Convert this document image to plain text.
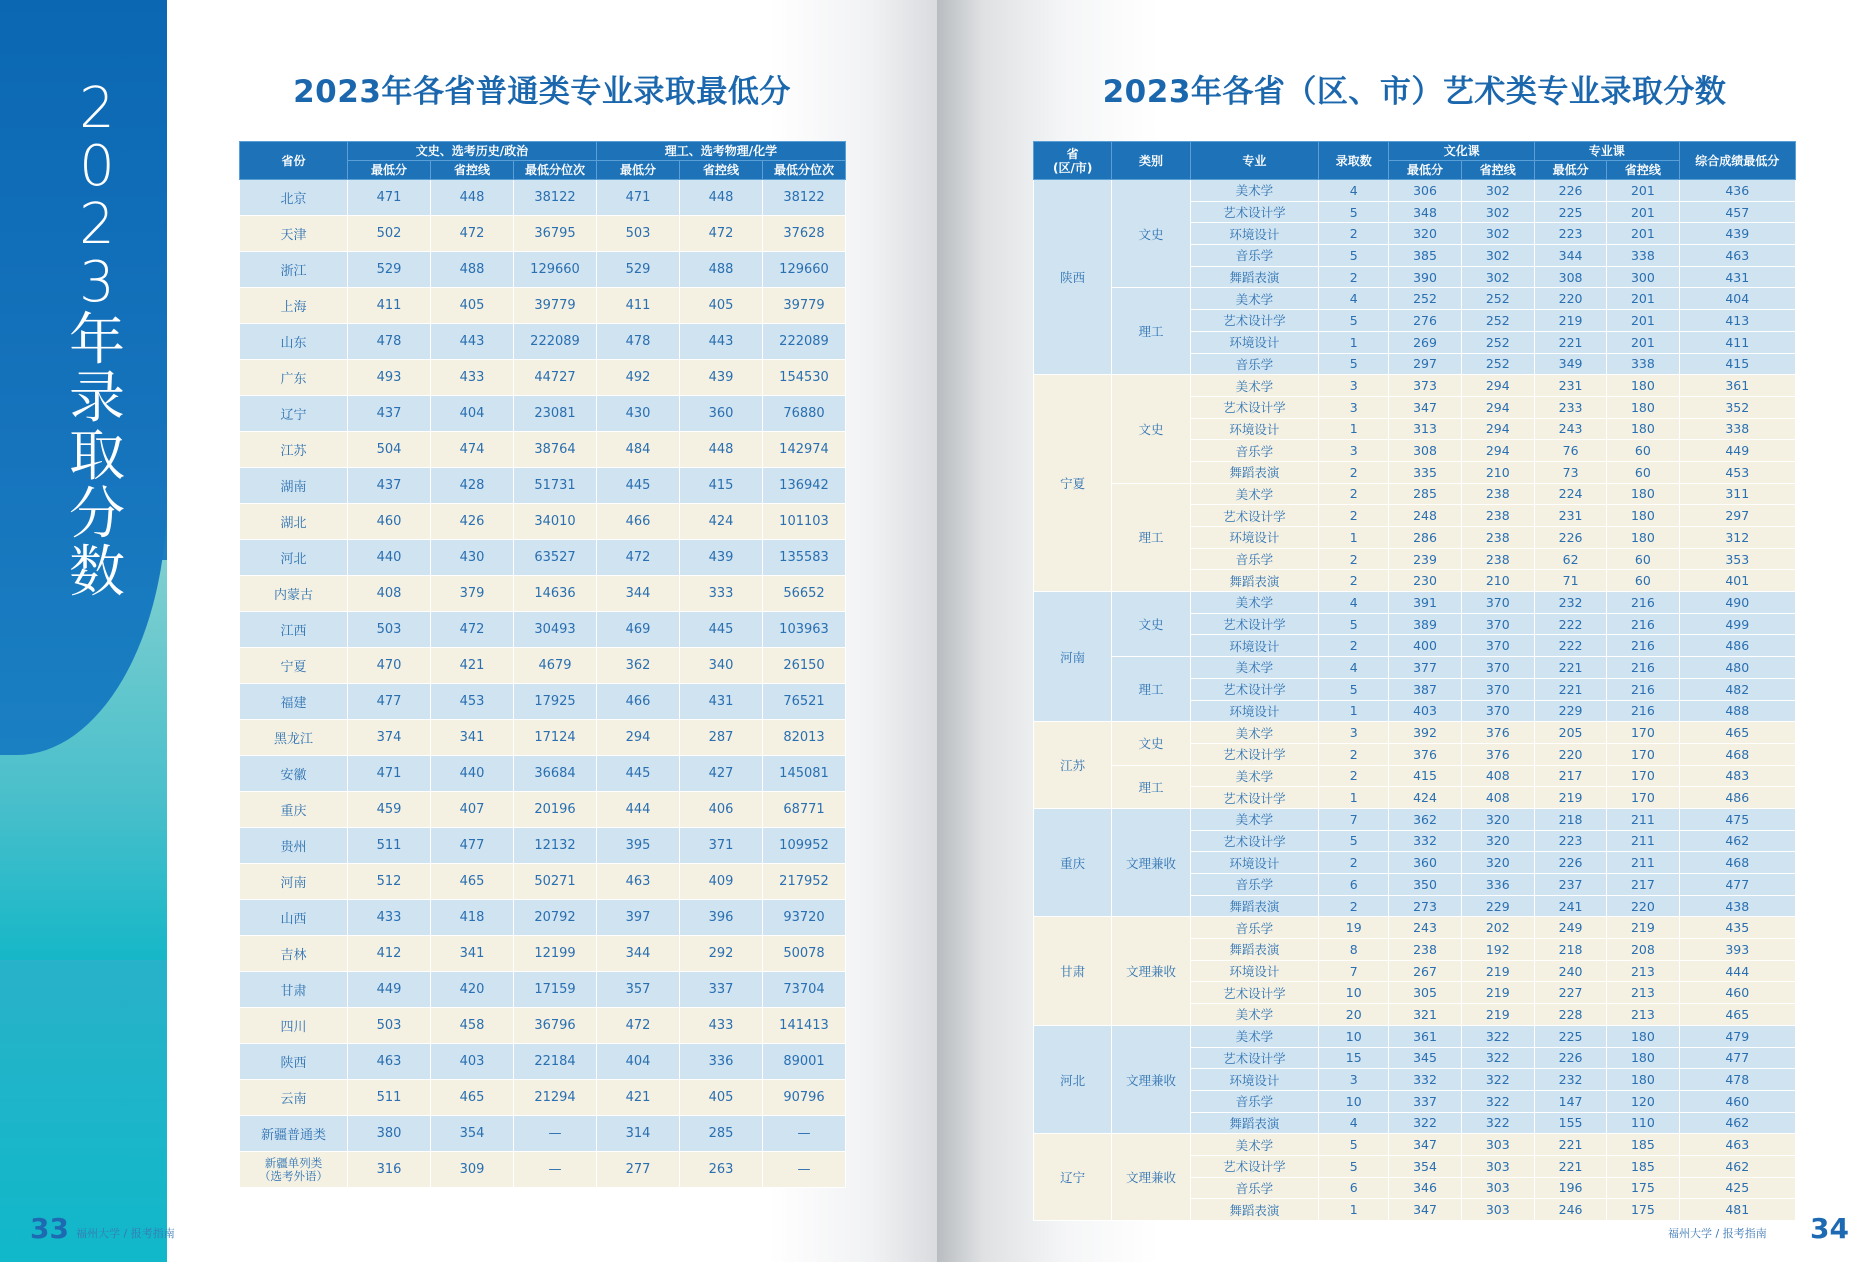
2
0
2
3
年
录
取
分
数
2023年各省普通类专业录取最低分	2023年各省（区、市）艺术类专业录取分数
省份	文史、选考历史/政治			理工、选考物理/化学		
	最低分	省控线	最低分位次	最低分	省控线	最低分位次
北京	471	448	38122	471	448	38122
天津	502	472	36795	503	472	37628
浙江	529	488	129660	529	488	129660
上海	411	405	39779	411	405	39779
山东	478	443	222089	478	443	222089
广东	493	433	44727	492	439	154530
辽宁	437	404	23081	430	360	76880
江苏	504	474	38764	484	448	142974
湖南	437	428	51731	445	415	136942
湖北	460	426	34010	466	424	101103
河北	440	430	63527	472	439	135583
内蒙古	408	379	14636	344	333	56652
江西	503	472	30493	469	445	103963
宁夏	470	421	4679	362	340	26150
福建	477	453	17925	466	431	76521
黑龙江	374	341	17124	294	287	82013
安徽	471	440	36684	445	427	145081
重庆	459	407	20196	444	406	68771
贵州	511	477	12132	395	371	109952
河南	512	465	50271	463	409	217952
山西	433	418	20792	397	396	93720
吉林	412	341	12199	344	292	50078
甘肃	449	420	17159	357	337	73704
四川	503	458	36796	472	433	141413
陕西	463	403	22184	404	336	89001
云南	511	465	21294	421	405	90796
新疆普通类	380	354	—	314	285	—
新疆单列类
（选考外语）	316	309	—	277	263	—
省
(区/市)	类别	专业	录取数	文化课		专业课		综合成绩最低分
				最低分	省控线	最低分	省控线	
陕西	文史	美术学	4	306	302	226	201	436
		艺术设计学	5	348	302	225	201	457
		环境设计	2	320	302	223	201	439
		音乐学	5	385	302	344	338	463
		舞蹈表演	2	390	302	308	300	431
	理工	美术学	4	252	252	220	201	404
		艺术设计学	5	276	252	219	201	413
		环境设计	1	269	252	221	201	411
		音乐学	5	297	252	349	338	415
宁夏	文史	美术学	3	373	294	231	180	361
		艺术设计学	3	347	294	233	180	352
		环境设计	1	313	294	243	180	338
		音乐学	3	308	294	76	60	449
		舞蹈表演	2	335	210	73	60	453
	理工	美术学	2	285	238	224	180	311
		艺术设计学	2	248	238	231	180	297
		环境设计	1	286	238	226	180	312
		音乐学	2	239	238	62	60	353
		舞蹈表演	2	230	210	71	60	401
河南	文史	美术学	4	391	370	232	216	490
		艺术设计学	5	389	370	222	216	499
		环境设计	2	400	370	222	216	486
	理工	美术学	4	377	370	221	216	480
		艺术设计学	5	387	370	221	216	482
		环境设计	1	403	370	229	216	488
江苏	文史	美术学	3	392	376	205	170	465
		艺术设计学	2	376	376	220	170	468
	理工	美术学	2	415	408	217	170	483
		艺术设计学	1	424	408	219	170	486
重庆	文理兼收	美术学	7	362	320	218	211	475
		艺术设计学	5	332	320	223	211	462
		环境设计	2	360	320	226	211	468
		音乐学	6	350	336	237	217	477
		舞蹈表演	2	273	229	241	220	438
甘肃	文理兼收	音乐学	19	243	202	249	219	435
		舞蹈表演	8	238	192	218	208	393
		环境设计	7	267	219	240	213	444
		艺术设计学	10	305	219	227	213	460
		美术学	20	321	219	228	213	465
河北	文理兼收	美术学	10	361	322	225	180	479
		艺术设计学	15	345	322	226	180	477
		环境设计	3	332	322	232	180	478
		音乐学	10	337	322	147	120	460
		舞蹈表演	4	322	322	155	110	462
辽宁	文理兼收	美术学	5	347	303	221	185	463
		艺术设计学	5	354	303	221	185	462
		音乐学	6	346	303	196	175	425
		舞蹈表演	1	347	303	246	175	481
33 福州大学 / 报考指南	福州大学 / 报考指南 34
